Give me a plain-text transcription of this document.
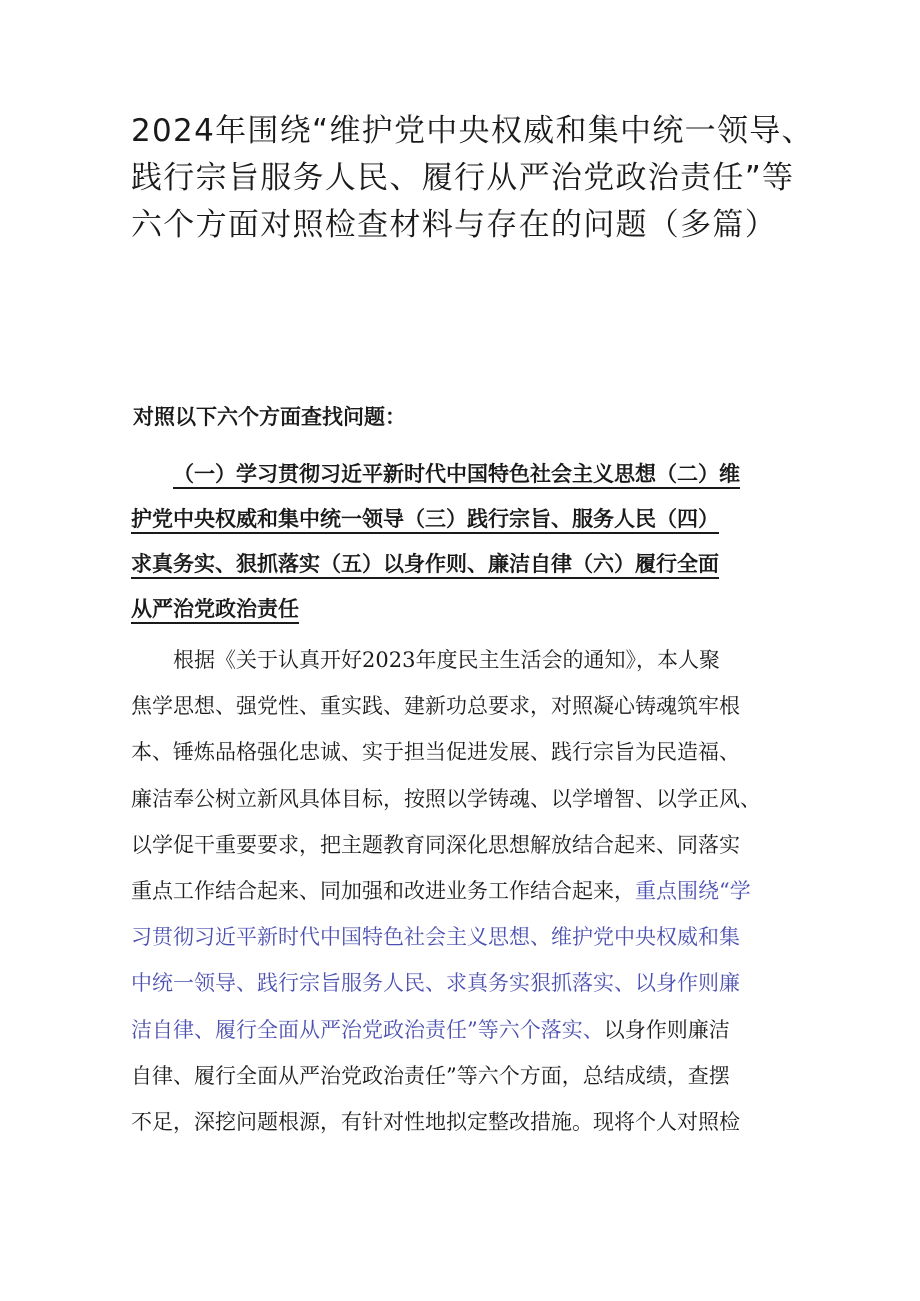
2024年围绕“维护党中央权威和集中统一领导、
践行宗旨服务人民、履行从严治党政治责任”等
六个方面对照检查材料与存在的问题（多篇）
对照以下六个方面查找问题：
（一）学习贯彻习近平新时代中国特色社会主义思想（二）维
护党中央权威和集中统一领导（三）践行宗旨、服务人民（四）
求真务实、狠抓落实（五）以身作则、廉洁自律（六）履行全面
从严治党政治责任
根据《关于认真开好2023年度民主生活会的通知》，本人聚
焦学思想、强党性、重实践、建新功总要求，对照凝心铸魂筑牢根
本、锤炼品格强化忠诚、实于担当促进发展、践行宗旨为民造福、
廉洁奉公树立新风具体目标，按照以学铸魂、以学增智、以学正风、
以学促干重要要求，把主题教育同深化思想解放结合起来、同落实
重点工作结合起来、同加强和改进业务工作结合起来，重点围绕“学
习贯彻习近平新时代中国特色社会主义思想、维护党中央权威和集
中统一领导、践行宗旨服务人民、求真务实狠抓落实、以身作则廉
洁自律、履行全面从严治党政治责任”等六个落实、以身作则廉洁
自律、履行全面从严治党政治责任”等六个方面，总结成绩，查摆
不足，深挖问题根源，有针对性地拟定整改措施。现将个人对照检
